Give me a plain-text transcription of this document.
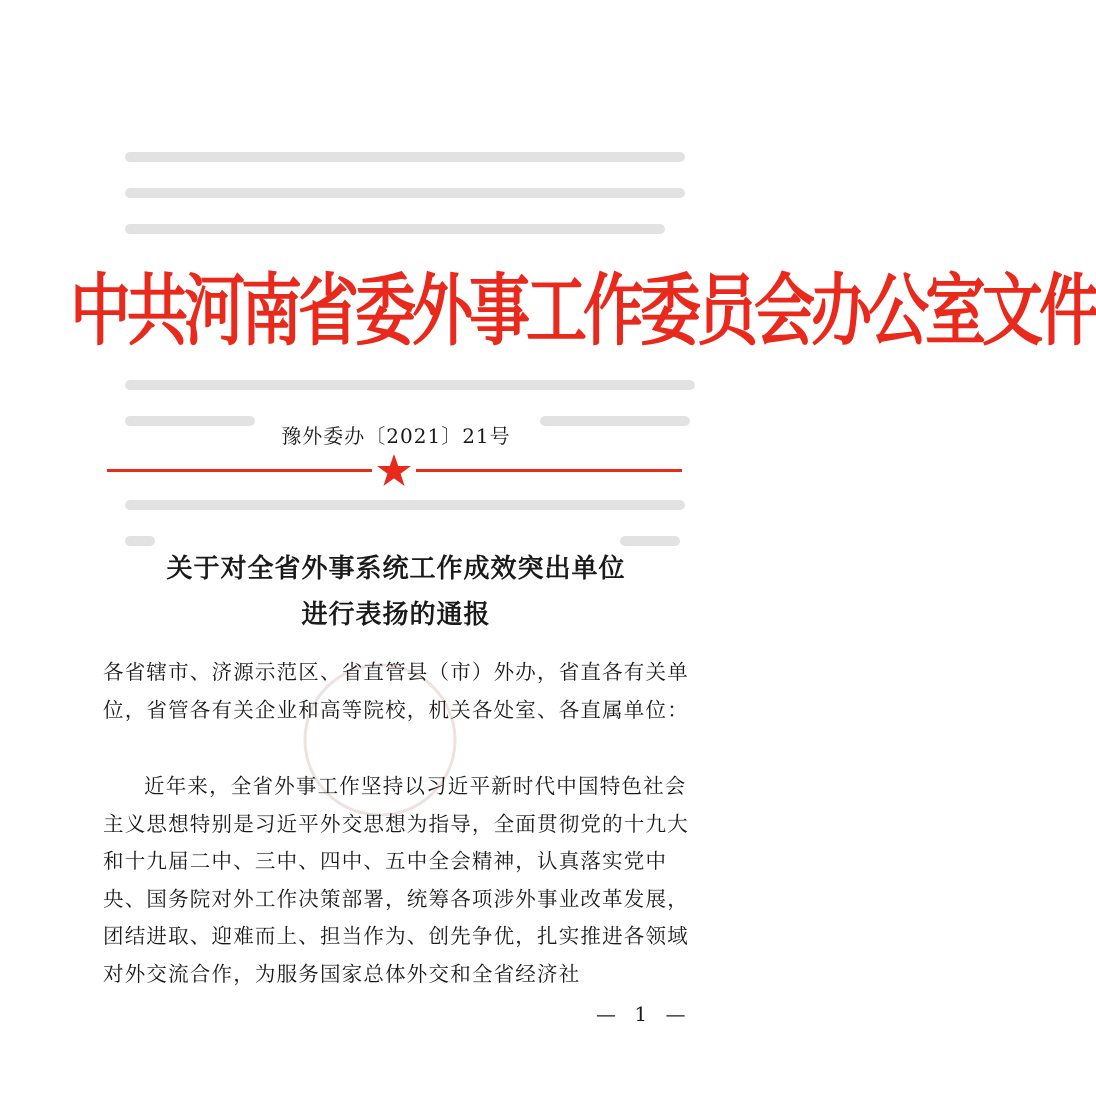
中共河南省委外事工作委员会办公室文件
豫外委办〔2021〕21号
关于对全省外事系统工作成效突出单位
进行表扬的通报
各省辖市、济源示范区、省直管县（市）外办，省直各有关单位，省管各有关企业和高等院校，机关各处室、各直属单位：
近年来，全省外事工作坚持以习近平新时代中国特色社会主义思想特别是习近平外交思想为指导，全面贯彻党的十九大和十九届二中、三中、四中、五中全会精神，认真落实党中央、国务院对外工作决策部署，统筹各项涉外事业改革发展，团结进取、迎难而上、担当作为、创先争优，扎实推进各领域对外交流合作，为服务国家总体外交和全省经济社
— 1 —
